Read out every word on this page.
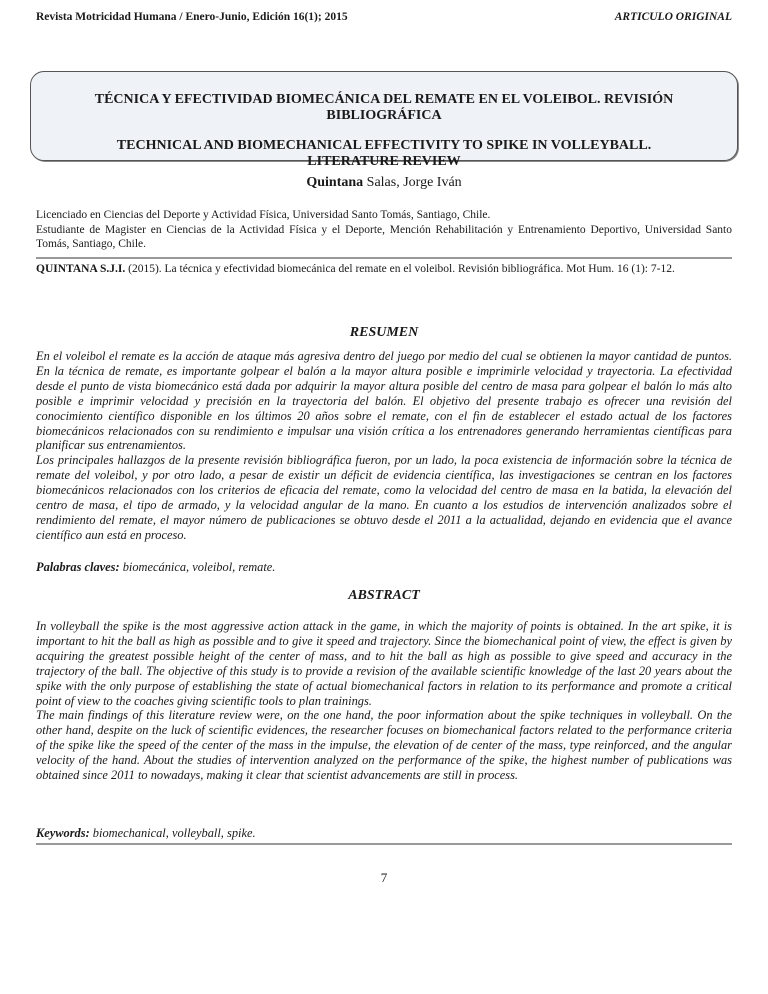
Revista Motricidad Humana / Enero-Junio, Edición 16(1); 2015	ARTICULO ORIGINAL
TÉCNICA Y EFECTIVIDAD BIOMECÁNICA DEL REMATE EN EL VOLEIBOL. REVISIÓN
BIBLIOGRÁFICA
TECHNICAL AND BIOMECHANICAL EFFECTIVITY TO SPIKE IN VOLLEYBALL.
LITERATURE REVIEW
Quintana Salas, Jorge Iván
Licenciado en Ciencias del Deporte y Actividad Física, Universidad Santo Tomás, Santiago, Chile.
Estudiante de Magister en Ciencias de la Actividad Física y el Deporte, Mención Rehabilitación y Entrenamiento Deportivo, Universidad Santo Tomás, Santiago, Chile.
QUINTANA S.J.I. (2015). La técnica y efectividad biomecánica del remate en el voleibol. Revisión bibliográfica. Mot Hum. 16 (1): 7-12.
RESUMEN

En el voleibol el remate es la acción de ataque más agresiva dentro del juego por medio del cual se obtienen la mayor cantidad de puntos. En la técnica de remate, es importante golpear el balón a la mayor altura posible e imprimirle velocidad y trayectoria. La efectividad desde el punto de vista biomecánico está dada por adquirir la mayor altura posible del centro de masa para golpear el balón lo más alto posible e imprimir velocidad y precisión en la trayectoria del balón. El objetivo del presente trabajo es ofrecer una revisión del conocimiento científico disponible en los últimos 20 años sobre el remate, con el fin de establecer el estado actual de los factores biomecánicos relacionados con su rendimiento e impulsar una visión crítica a los entrenadores generando herramientas científicas para planificar sus entrenamientos.

Los principales hallazgos de la presente revisión bibliográfica fueron, por un lado, la poca existencia de información sobre la técnica de remate del voleibol, y por otro lado, a pesar de existir un déficit de evidencia científica, las investigaciones se centran en los factores biomecánicos relacionados con los criterios de eficacia del remate, como la velocidad del centro de masa en la batida, la elevación del centro de masa, el tipo de armado, y la velocidad angular de la mano. En cuanto a los estudios de intervención analizados sobre el rendimiento del remate, el mayor número de publicaciones se obtuvo desde el 2011 a la actualidad, dejando en evidencia que el avance científico aun está en proceso.

Palabras claves: biomecánica, voleibol, remate.
ABSTRACT

In volleyball the spike is the most aggressive action attack in the game, in which the majority of points is obtained. In the art spike, it is important to hit the ball as high as possible and to give it speed and trajectory. Since the biomechanical point of view, the effect is given by acquiring the greatest possible height of the center of mass, and to hit the ball as high as possible to give speed and accuracy in the trajectory of the ball. The objective of this study is to provide a revision of the available scientific knowledge of the last 20 years about the spike with the only purpose of establishing the state of actual biomechanical factors in relation to its performance and promote a critical point of view to the coaches giving scientific tools to plan trainings.

The main findings of this literature review were, on the one hand, the poor information about the spike techniques in volleyball. On the other hand, despite on the luck of scientific evidences, the researcher focuses on biomechanical factors related to the performance criteria of the spike like the speed of the center of the mass in the impulse, the elevation of de center of the mass, type reinforced, and the angular velocity of the hand. About the studies of intervention analyzed on the performance of the spike, the highest number of publications was obtained since 2011 to nowadays, making it clear that scientist advancements are still in process.

Keywords: biomechanical, volleyball, spike.
7
